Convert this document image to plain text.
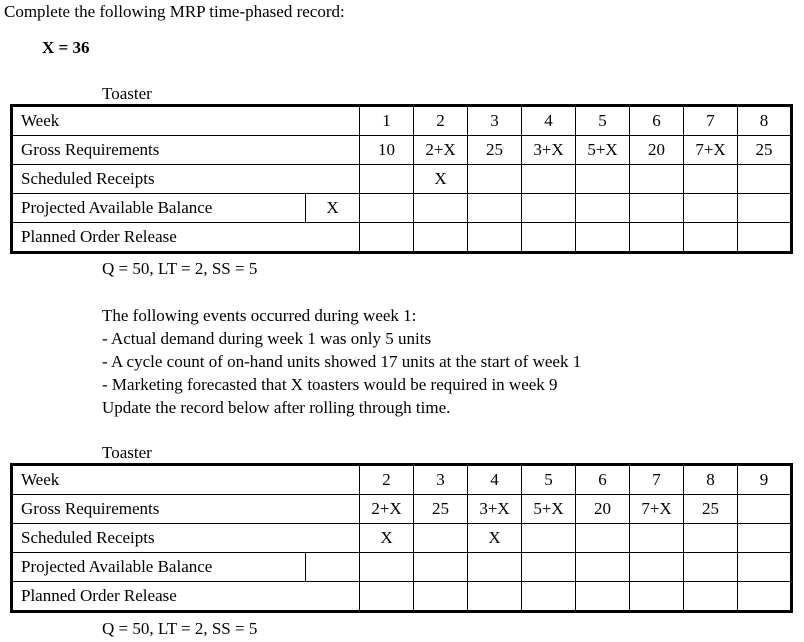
Complete the following MRP time-phased record:
X = 36
Toaster
Week		1	2	3	4	5	6	7	8
Gross Requirements		10	2+X	25	3+X	5+X	20	7+X	25
Scheduled Receipts			X						
Projected Available Balance	X								
Planned Order Release									
Q = 50, LT = 2, SS = 5
The following events occurred during week 1:
- Actual demand during week 1 was only 5 units
- A cycle count of on-hand units showed 17 units at the start of week 1
- Marketing forecasted that X toasters would be required in week 9
Update the record below after rolling through time.
Toaster
Week		2	3	4	5	6	7	8	9
Gross Requirements		2+X	25	3+X	5+X	20	7+X	25	
Scheduled Receipts		X		X					
Projected Available Balance									
Planned Order Release									
Q = 50, LT = 2, SS = 5
